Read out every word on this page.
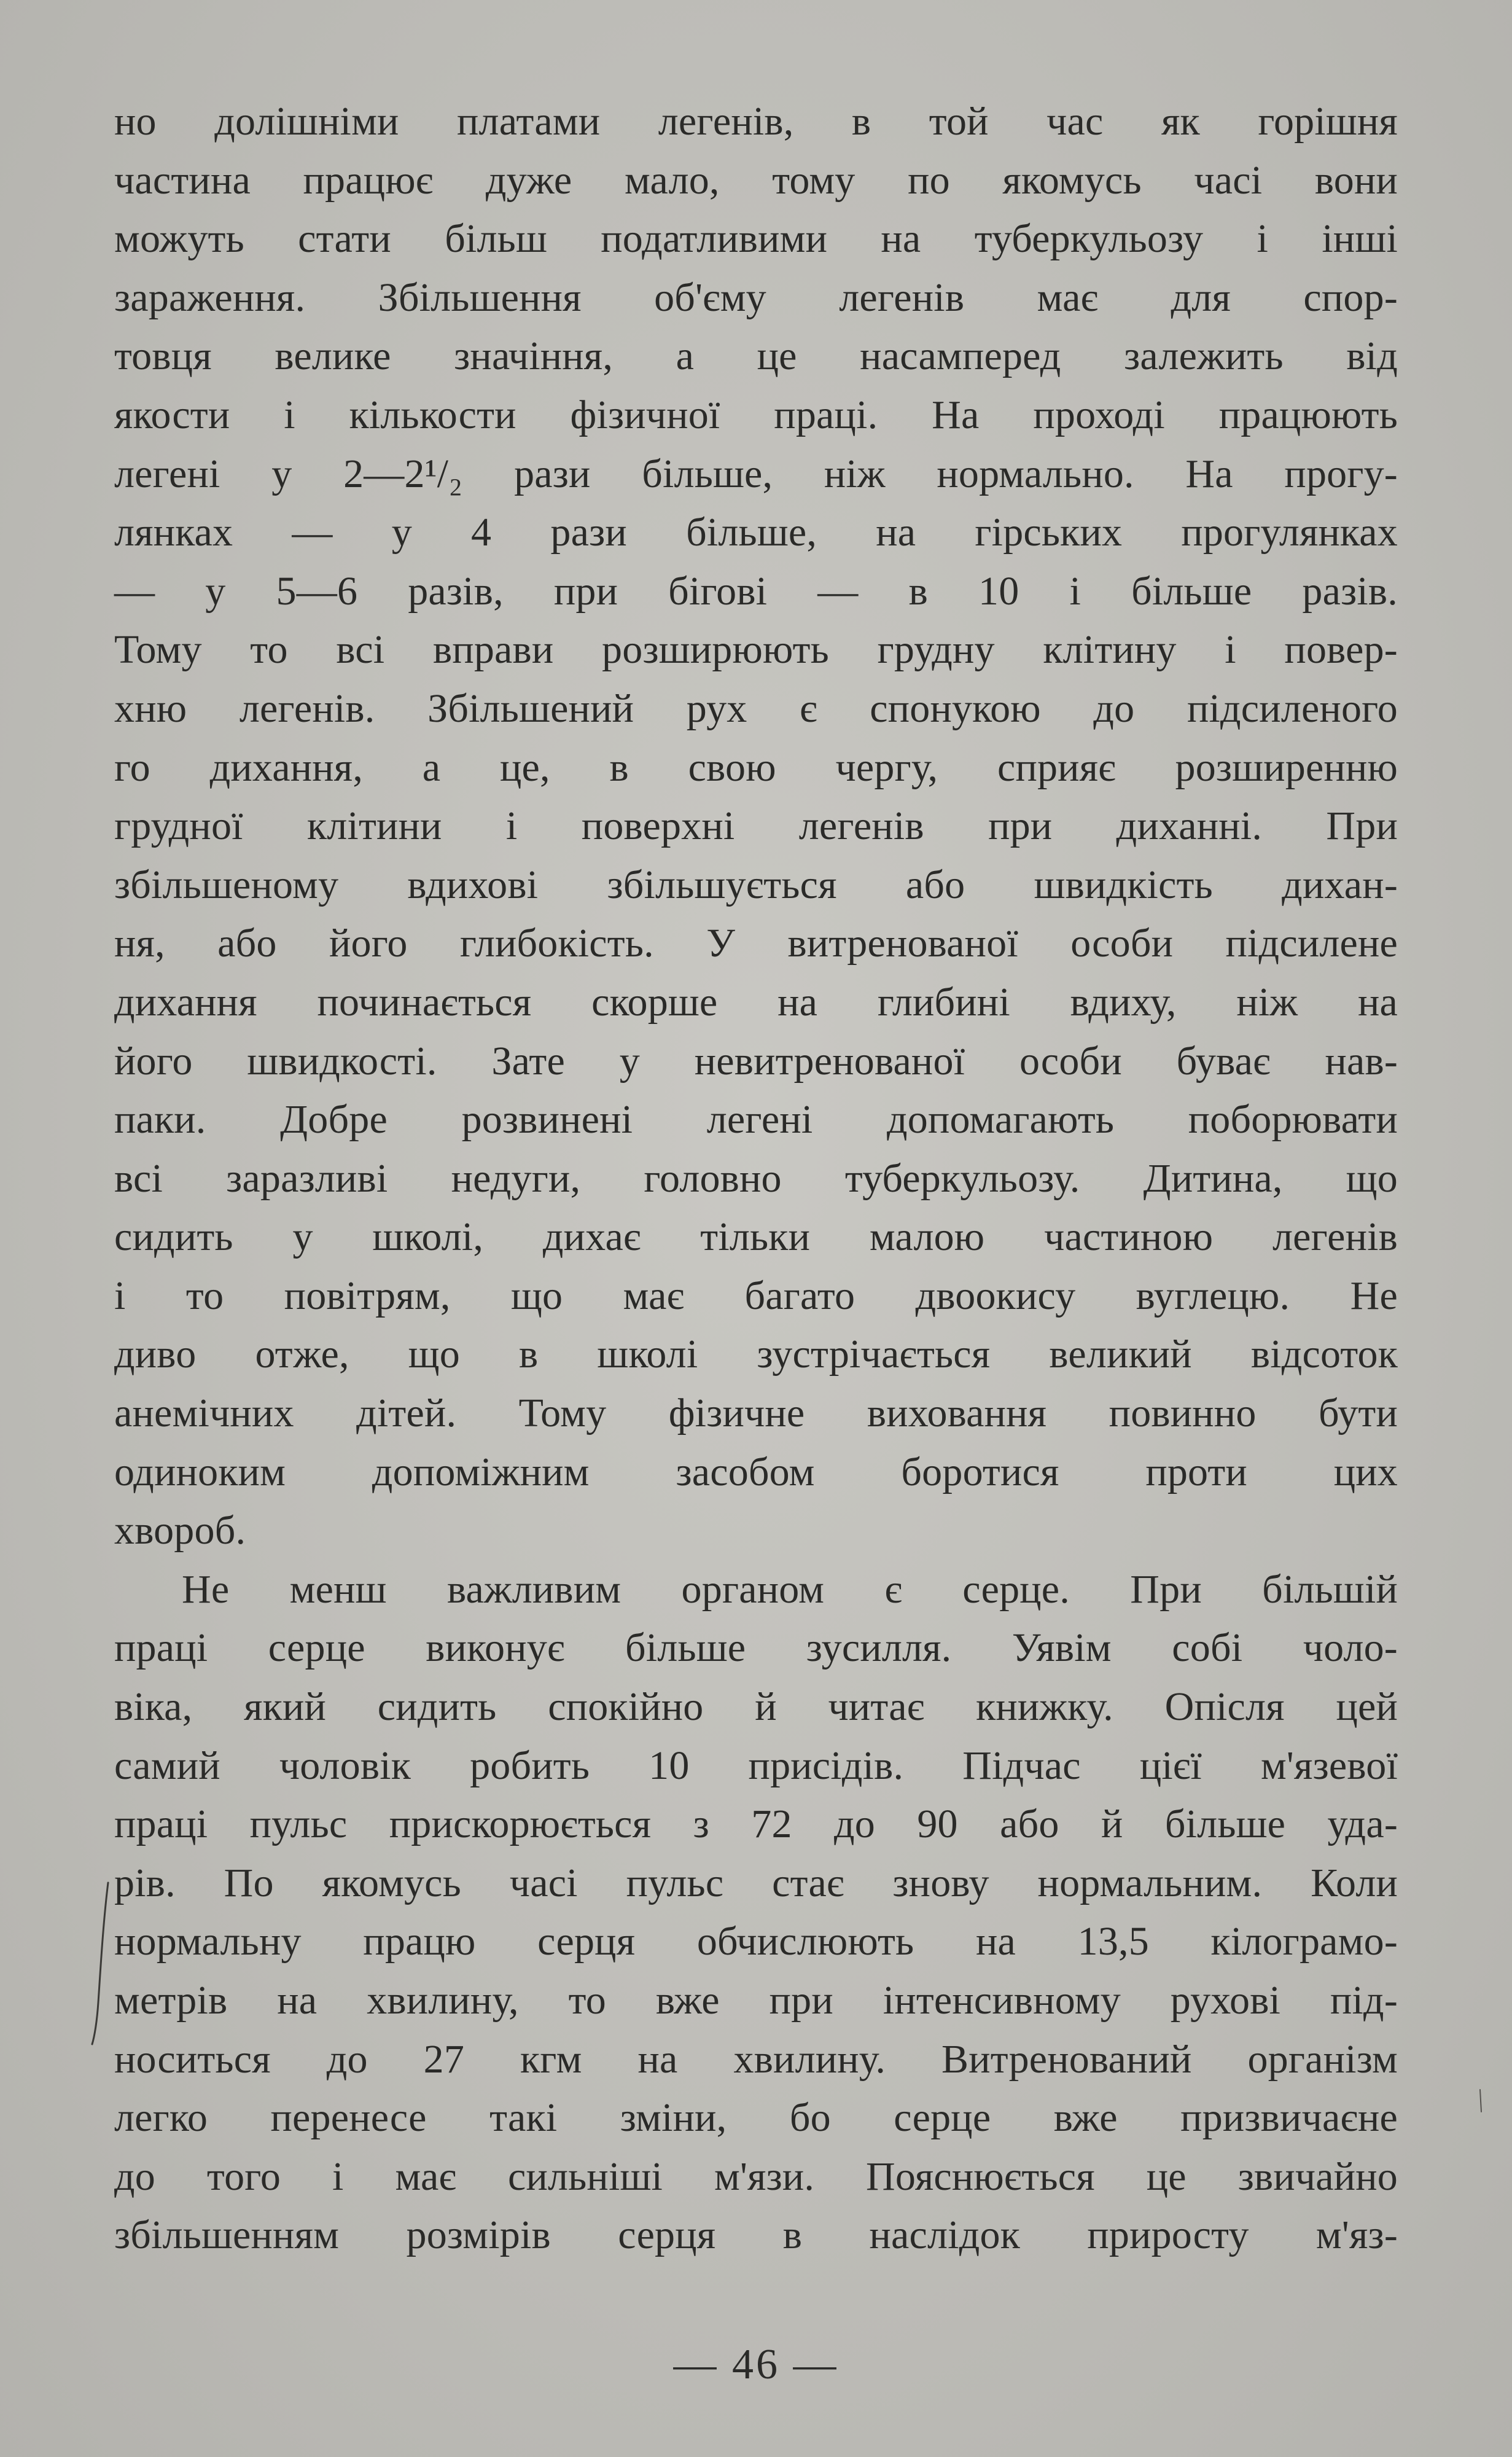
но долішніми платами легенів, в той час як горішня
частина працює дуже мало, тому по якомусь часі вони
можуть стати більш податливими на туберкульозу і інші
зараження. Збільшення об'єму легенів має для спор-
товця велике значіння, а це насамперед залежить від
якости і кількости фізичної праці. На проході працюють
легені у 2—2¹/₂ рази більше, ніж нормально. На прогу-
лянках — у 4 рази більше, на гірських прогулянках
— у 5—6 разів, при бігові — в 10 і більше разів.
Тому то всі вправи розширюють грудну клітину і повер-
хню легенів. Збільшений рух є спонукою до підсиленого
го дихання, а це, в свою чергу, сприяє розширенню
грудної клітини і поверхні легенів при диханні. При
збільшеному вдихові збільшується або швидкість дихан-
ня, або його глибокість. У витренованої особи підсилене
дихання починається скорше на глибині вдиху, ніж на
його швидкості. Зате у невитренованої особи буває нав-
паки. Добре розвинені легені допомагають поборювати
всі заразливі недуги, головно туберкульозу. Дитина, що
сидить у школі, дихає тільки малою частиною легенів
і то повітрям, що має багато двоокису вуглецю. Не
диво отже, що в школі зустрічається великий відсоток
анемічних дітей. Тому фізичне виховання повинно бути
одиноким допоміжним засобом боротися проти цих
хвороб.
Не менш важливим органом є серце. При більшій
праці серце виконує більше зусилля. Уявім собі чоло-
віка, який сидить спокійно й читає книжку. Опісля цей
самий чоловік робить 10 присідів. Підчас цієї м'язевої
праці пульс прискорюється з 72 до 90 або й більше уда-
рів. По якомусь часі пульс стає знову нормальним. Коли
нормальну працю серця обчислюють на 13,5 кілограмо-
метрів на хвилину, то вже при інтенсивному рухові під-
носиться до 27 кгм на хвилину. Витренований організм
легко перенесе такі зміни, бо серце вже призвичаєне
до того і має сильніші м'язи. Пояснюється це звичайно
збільшенням розмірів серця в наслідок приросту м'яз-
— 46 —
